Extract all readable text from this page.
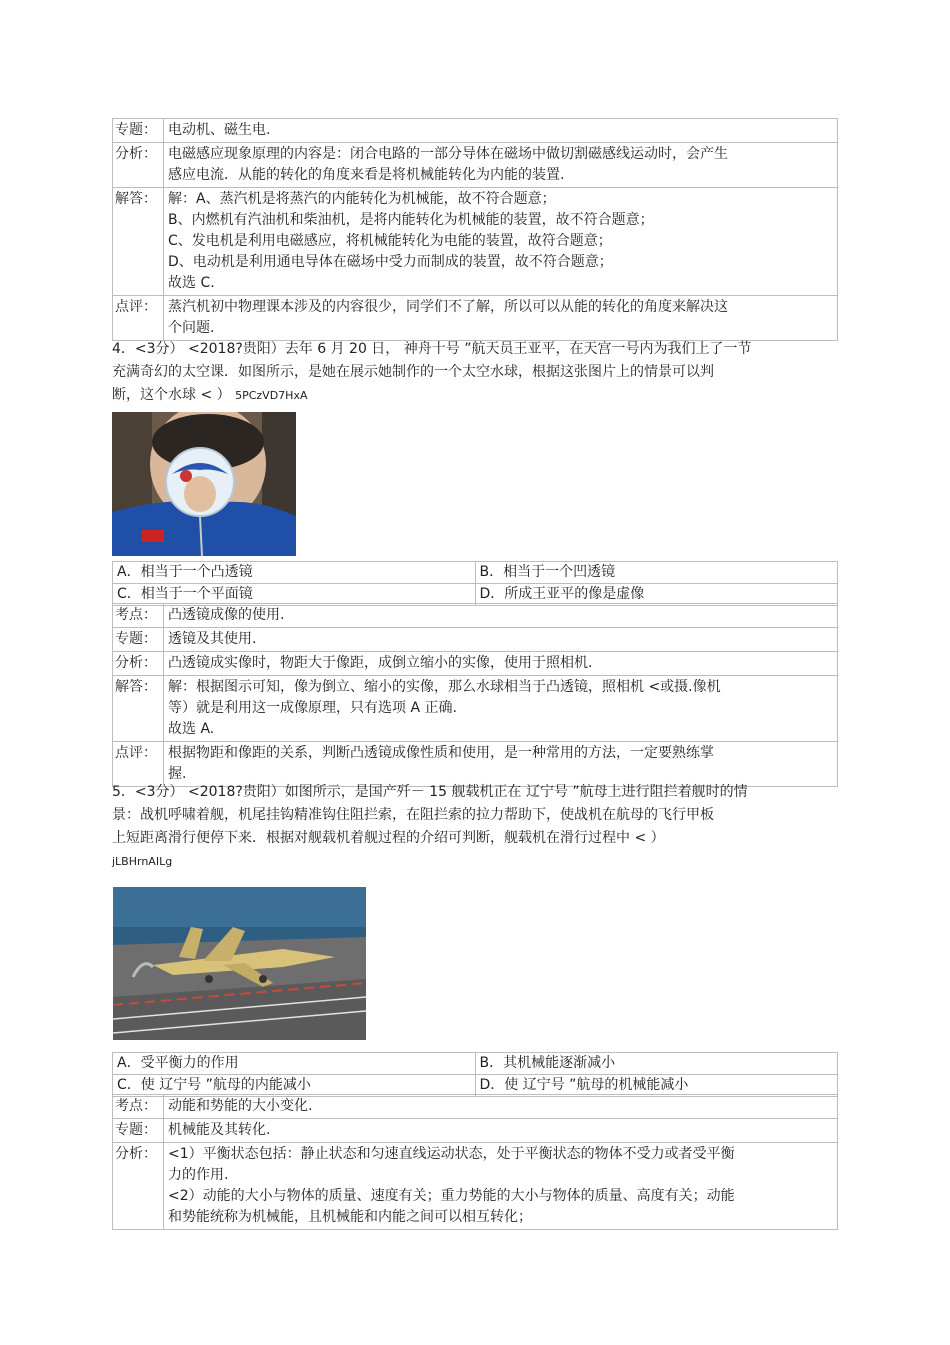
专题：	电动机、磁生电.

分析：	电磁感应现象原理的内容是：闭合电路的一部分导体在磁场中做切割磁感线运动时，会产生
感应电流．从能的转化的角度来看是将机械能转化为内能的装置.

解答：	解：A、蒸汽机是将蒸汽的内能转化为机械能，故不符合题意；
B、内燃机有汽油机和柴油机，是将内能转化为机械能的装置，故不符合题意；
C、发电机是利用电磁感应，将机械能转化为电能的装置，故符合题意；
D、电动机是利用通电导体在磁场中受力而制成的装置，故不符合题意；
故选 C.

点评：	蒸汽机初中物理课本涉及的内容很少，同学们不了解，所以可以从能的转化的角度来解决这
个问题.
4．<3分） <2018?贵阳）去年 6 月 20 日， 神舟十号 ”航天员王亚平，在天宫一号内为我们上了一节
充满奇幻的太空课．如图所示，是她在展示她制作的一个太空水球，根据这张图片上的情景可以判
断，这个水球 < ） 5PCzVD7HxA
A．相当于一个凸透镜	B．相当于一个凹透镜
C．相当于一个平面镜	D．所成王亚平的像是虚像
考点：	凸透镜成像的使用.

专题：	透镜及其使用.

分析：	凸透镜成实像时，物距大于像距，成倒立缩小的实像，使用于照相机.

解答：	解：根据图示可知，像为倒立、缩小的实像，那么水球相当于凸透镜，照相机 <或摄.像机
等）就是利用这一成像原理，只有选项 A 正确.
故选 A.

点评：	根据物距和像距的关系，判断凸透镜成像性质和使用，是一种常用的方法，一定要熟练掌
握.
5．<3分） <2018?贵阳）如图所示，是国产歼－ 15 舰载机正在 辽宁号 ”航母上进行阻拦着舰时的情
景：战机呼啸着舰，机尾挂钩精准钩住阻拦索，在阻拦索的拉力帮助下，使战机在航母的飞行甲板
上短距离滑行便停下来．根据对舰载机着舰过程的介绍可判断，舰载机在滑行过程中 < ）
jLBHrnAILg
A．受平衡力的作用	B．其机械能逐渐减小
C．使 辽宁号 ”航母的内能减小	D．使 辽宁号 ”航母的机械能减小
考点：	动能和势能的大小变化.

专题：	机械能及其转化.

分析：	<1）平衡状态包括：静止状态和匀速直线运动状态，处于平衡状态的物体不受力或者受平衡
力的作用.
<2）动能的大小与物体的质量、速度有关；重力势能的大小与物体的质量、高度有关；动能
和势能统称为机械能，且机械能和内能之间可以相互转化；
